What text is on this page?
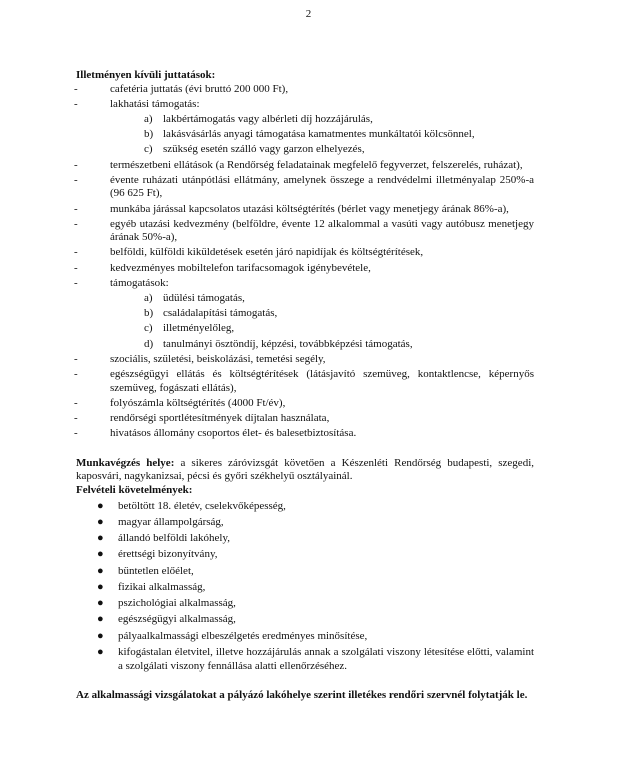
2
Illetményen kívüli juttatások:
- cafetéria juttatás (évi bruttó 200 000 Ft),
- lakhatási támogatás:
a) lakbértámogatás vagy albérleti díj hozzájárulás,
b) lakásvásárlás anyagi támogatása kamatmentes munkáltatói kölcsönnel,
c) szükség esetén szálló vagy garzon elhelyezés,
- természetbeni ellátások (a Rendőrség feladatainak megfelelő fegyverzet, felszerelés, ruházat),
- évente ruházati utánpótlási ellátmány, amelynek összege a rendvédelmi illetményalap 250%-a (96 625 Ft),
- munkába járással kapcsolatos utazási költségtérítés (bérlet vagy menetjegy árának 86%-a),
- egyéb utazási kedvezmény (belföldre, évente 12 alkalommal a vasúti vagy autóbusz menetjegy árának 50%-a),
- belföldi, külföldi kiküldetések esetén járó napidíjak és költségtérítések,
- kedvezményes mobiltelefon tarifacsomagok igénybevétele,
- támogatások:
a) üdülési támogatás,
b) családalapítási támogatás,
c) illetményelőleg,
d) tanulmányi ösztöndíj, képzési, továbbképzési támogatás,
- szociális, születési, beiskolázási, temetési segély,
- egészségügyi ellátás és költségtérítések (látásjavító szemüveg, kontaktlencse, képernyős szemüveg, fogászati ellátás),
- folyószámla költségtérítés (4000 Ft/év),
- rendőrségi sportlétesítmények díjtalan használata,
- hivatásos állomány csoportos élet- és balesetbiztosítása.
Munkavégzés helye: a sikeres záróvizsgát követően a Készenléti Rendőrség budapesti, szegedi, kaposvári, nagykanizsai, pécsi és győri székhelyű osztályainál.
Felvételi követelmények:
● betöltött 18. életév, cselekvőképesség,
● magyar állampolgárság,
● állandó belföldi lakóhely,
● érettségi bizonyítvány,
● büntetlen előélet,
● fizikai alkalmasság,
● pszichológiai alkalmasság,
● egészségügyi alkalmasság,
● pályaalkalmassági elbeszélgetés eredményes minősítése,
● kifogástalan életvitel, illetve hozzájárulás annak a szolgálati viszony létesítése előtti, valamint a szolgálati viszony fennállása alatti ellenőrzéséhez.
Az alkalmassági vizsgálatokat a pályázó lakóhelye szerint illetékes rendőri szervnél folytatják le.
